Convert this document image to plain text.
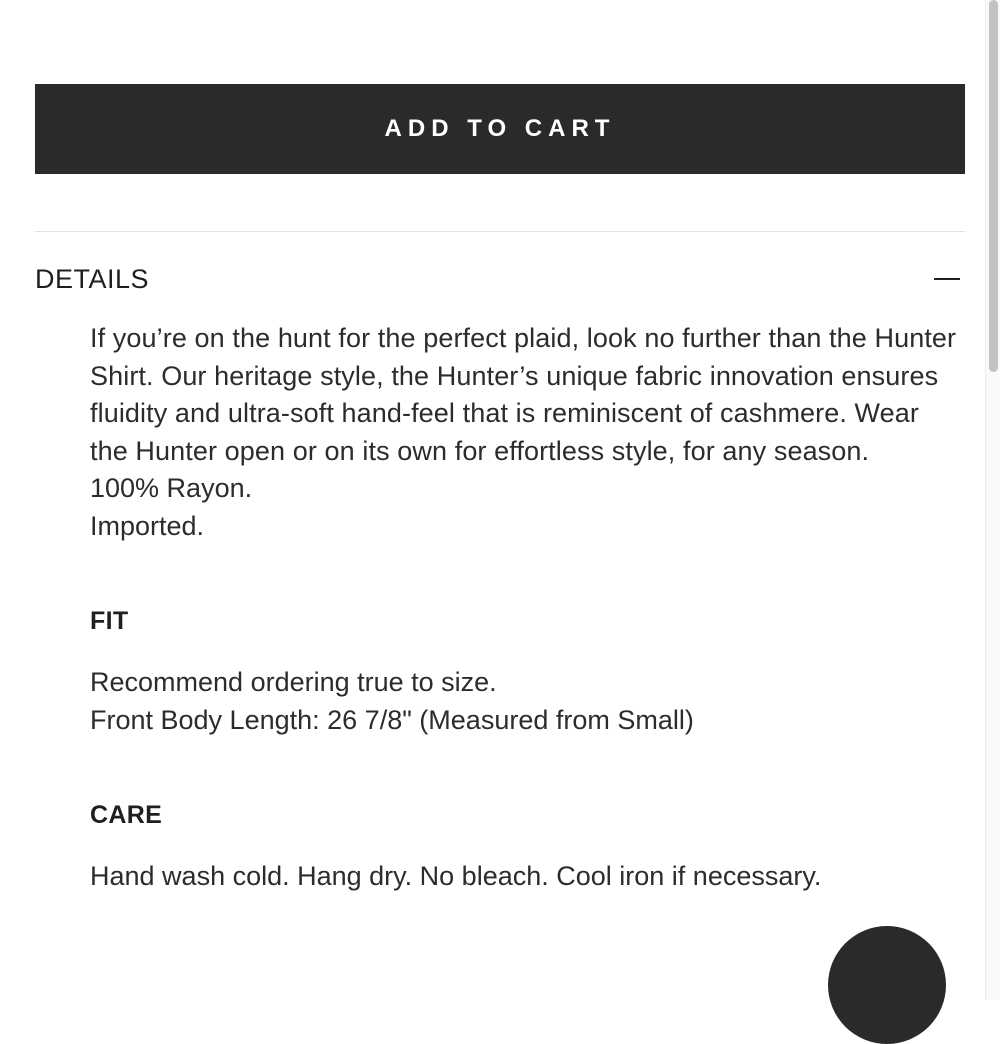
ADD TO CART
DETAILS

If you’re on the hunt for the perfect plaid, look no further than the Hunter Shirt. Our heritage style, the Hunter’s unique fabric innovation ensures fluidity and ultra-soft hand-feel that is reminiscent of cashmere. Wear the Hunter open or on its own for effortless style, for any season.

100% Rayon.

Imported.

FIT

Recommend ordering true to size.

Front Body Length: 26 7/8" (Measured from Small)

CARE

Hand wash cold. Hang dry. No bleach. Cool iron if necessary.
